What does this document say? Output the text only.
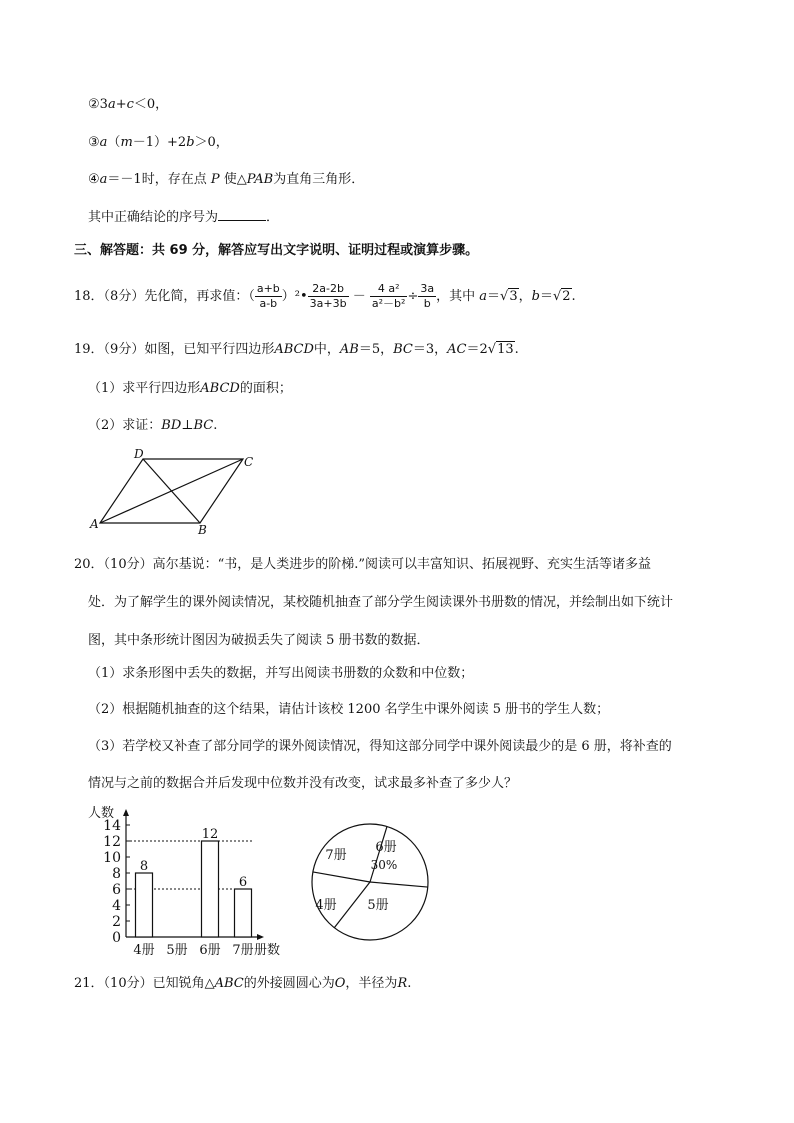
②3a+c＜0，
③a（m－1）+2b＞0，
④a＝－1时，存在点 P 使△PAB为直角三角形．
其中正确结论的序号为	．
三、解答题：共 69 分，解答应写出文字说明、证明过程或演算步骤。
18．（8分）先化简，再求值：（ $\frac{a+b}{a-b}$ ）²• $\frac{2a-2b}{3a+3b} - \frac{\text{4 a²}}{\text{a²－b²}} \div \frac{3a}{b}$ ，其中 a＝√3，b＝√2.
19．（9分）如图，已知平行四边形ABCD中，AB＝5，BC＝3，AC＝2√13.
（1）求平行四边形ABCD的面积；
（2）求证：BD⊥BC.
A	B
C
D
20．（10分）高尔基说：“书，是人类进步的阶梯.”阅读可以丰富知识、拓展视野、充实生活等诸多益
处．为了解学生的课外阅读情况，某校随机抽查了部分学生阅读课外书册数的情况，并绘制出如下统计
图，其中条形统计图因为破损丢失了阅读 5 册书数的数据．
（1）求条形图中丢失的数据，并写出阅读书册数的众数和中位数；
（2）根据随机抽查的这个结果，请估计该校 1200 名学生中课外阅读 5 册书的学生人数；
（3）若学校又补查了部分同学的课外阅读情况，得知这部分同学中课外阅读最少的是 6 册，将补查的
情况与之前的数据合并后发现中位数并没有改变，试求最多补查了多少人？
0
2
4
6
8
10
12
14
人数
册数
8
4册 5册
12
6册
6
7册
6册
5册
4册
7册
30%
21．（10分）已知锐角△ABC的外接圆圆心为O，半径为R.
